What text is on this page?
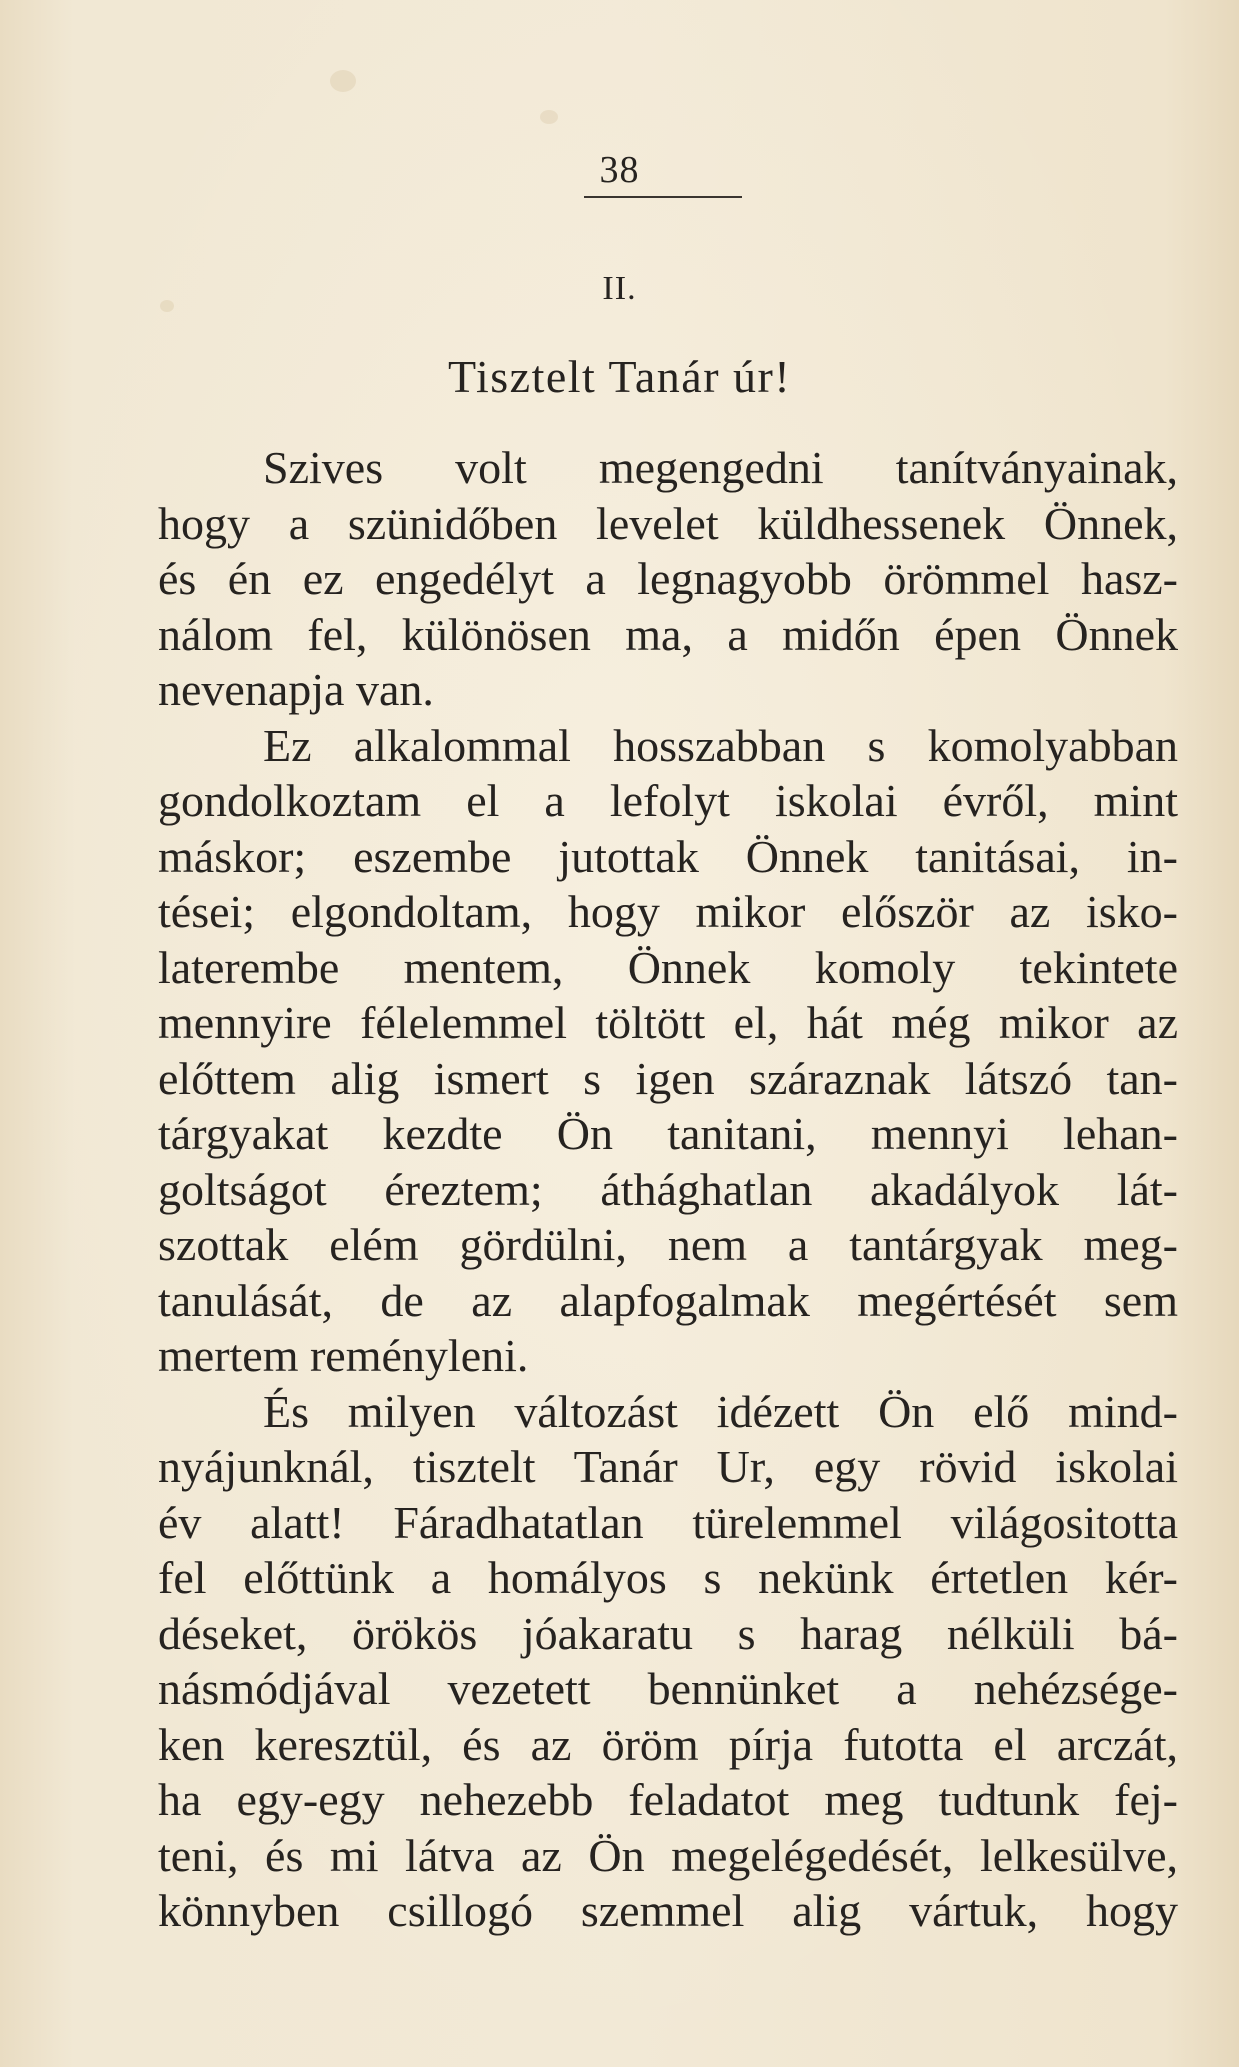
38
II.
Tisztelt Tanár úr!
Szives volt megengedni tanítványainak,
hogy a szünidőben levelet küldhessenek Önnek,
és én ez engedélyt a legnagyobb örömmel hasz-
nálom fel, különösen ma, a midőn épen Önnek
nevenapja van.
Ez alkalommal hosszabban s komolyabban
gondolkoztam el a lefolyt iskolai évről, mint
máskor; eszembe jutottak Önnek tanitásai, in-
tései; elgondoltam, hogy mikor először az isko-
laterembe mentem, Önnek komoly tekintete
mennyire félelemmel töltött el, hát még mikor az
előttem alig ismert s igen száraznak látszó tan-
tárgyakat kezdte Ön tanitani, mennyi lehan-
goltságot éreztem; áthághatlan akadályok lát-
szottak elém gördülni, nem a tantárgyak meg-
tanulását, de az alapfogalmak megértését sem
mertem reményleni.
És milyen változást idézett Ön elő mind-
nyájunknál, tisztelt Tanár Ur, egy rövid iskolai
év alatt! Fáradhatatlan türelemmel világositotta
fel előttünk a homályos s nekünk értetlen kér-
déseket, örökös jóakaratu s harag nélküli bá-
násmódjával vezetett bennünket a nehézsége-
ken keresztül, és az öröm pírja futotta el arczát,
ha egy-egy nehezebb feladatot meg tudtunk fej-
teni, és mi látva az Ön megelégedését, lelkesülve,
könnyben csillogó szemmel alig vártuk, hogy
